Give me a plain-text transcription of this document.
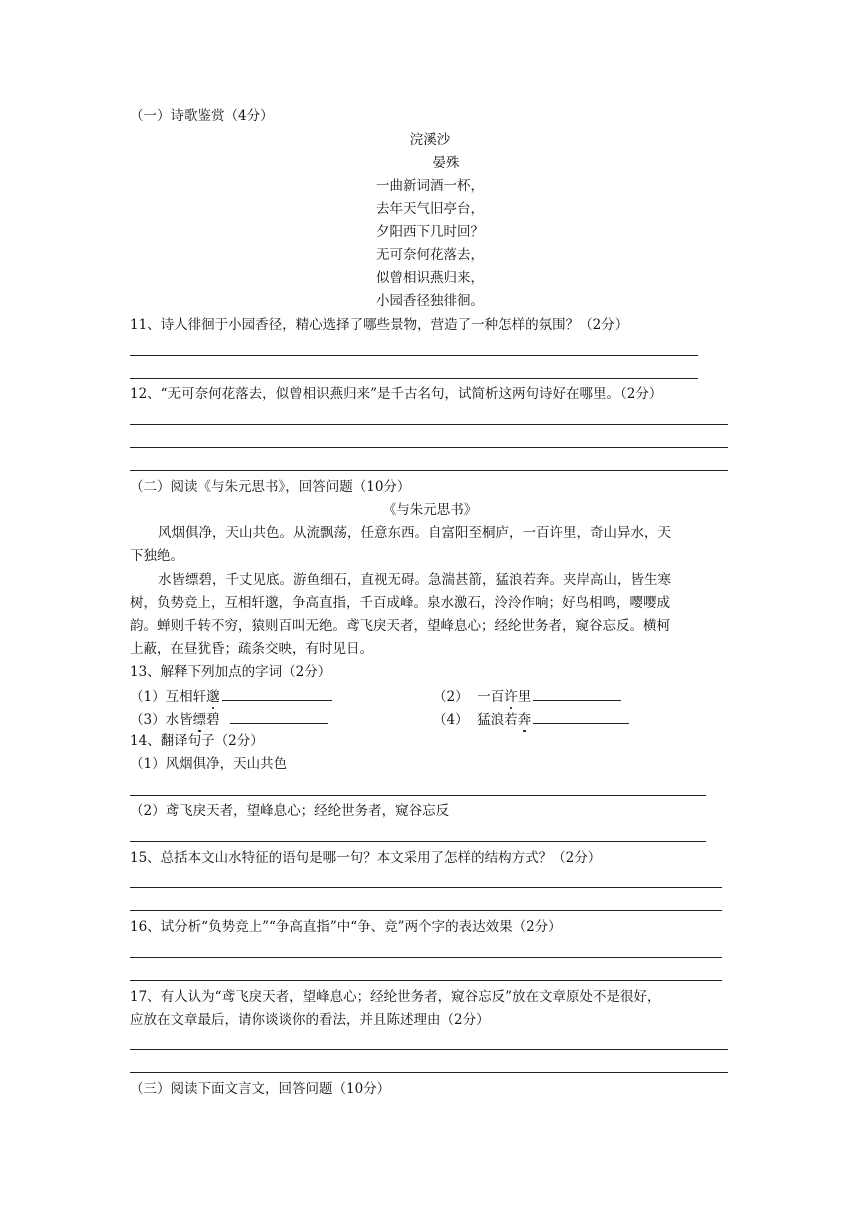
（一）诗歌鉴赏（4分）
浣溪沙
晏殊
一曲新词酒一杯，
去年天气旧亭台，
夕阳西下几时回？
无可奈何花落去，
似曾相识燕归来，
小园香径独徘徊。
11、诗人徘徊于小园香径，精心选择了哪些景物，营造了一种怎样的氛围？（2分）
12、“无可奈何花落去，似曾相识燕归来”是千古名句，试简析这两句诗好在哪里。（2分）
（二）阅读《与朱元思书》，回答问题（10分）
《与朱元思书》
风烟俱净，天山共色。从流飘荡，任意东西。自富阳至桐庐，一百许里，奇山异水，天
下独绝。
水皆缥碧，千丈见底。游鱼细石，直视无碍。急湍甚箭，猛浪若奔。夹岸高山，皆生寒
树，负势竞上，互相轩邈，争高直指，千百成峰。泉水激石，泠泠作响；好鸟相鸣，嘤嘤成
韵。蝉则千转不穷，猿则百叫无绝。鸢飞戾天者，望峰息心；经纶世务者，窥谷忘反。横柯
上蔽，在昼犹昏；疏条交映，有时见日。
13、解释下列加点的字词（2分）
（1）互相轩邈	（2） 一百许里
（3）水皆缥碧	（4） 猛浪若奔
14、翻译句子（2分）
（1）风烟俱净，天山共色
（2）鸢飞戾天者，望峰息心；经纶世务者，窥谷忘反
15、总括本文山水特征的语句是哪一句？本文采用了怎样的结构方式？（2分）
16、试分析“负势竞上”“争高直指”中“争、竞”两个字的表达效果（2分）
17、有人认为“鸢飞戾天者，望峰息心；经纶世务者，窥谷忘反”放在文章原处不是很好，
应放在文章最后，请你谈谈你的看法，并且陈述理由（2分）
（三）阅读下面文言文，回答问题（10分）
